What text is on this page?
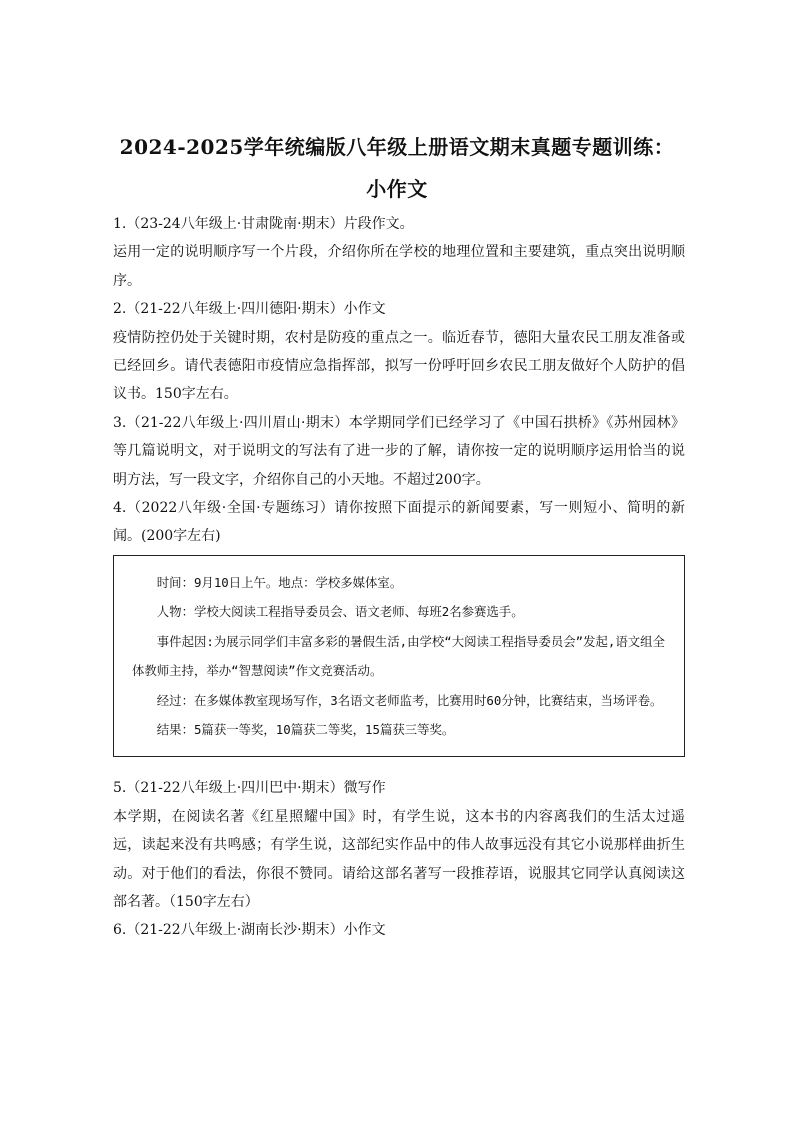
2024-2025学年统编版八年级上册语文期末真题专题训练：小作文

1.（23-24八年级上·甘肃陇南·期末）片段作文。

运用一定的说明顺序写一个片段，介绍你所在学校的地理位置和主要建筑，重点突出说明顺序。

2.（21-22八年级上·四川德阳·期末）小作文

疫情防控仍处于关键时期，农村是防疫的重点之一。临近春节，德阳大量农民工朋友准备或已经回乡。请代表德阳市疫情应急指挥部，拟写一份呼吁回乡农民工朋友做好个人防护的倡议书。150字左右。

3.（21-22八年级上·四川眉山·期末）本学期同学们已经学习了《中国石拱桥》《苏州园林》等几篇说明文，对于说明文的写法有了进一步的了解，请你按一定的说明顺序运用恰当的说明方法，写一段文字，介绍你自己的小天地。不超过200字。

4.（2022八年级·全国·专题练习）请你按照下面提示的新闻要素，写一则短小、简明的新闻。(200字左右)

时间：9月10日上午。地点：学校多媒体室。

人物：学校大阅读工程指导委员会、语文老师、每班2名参赛选手。

事件起因:为展示同学们丰富多彩的暑假生活,由学校“大阅读工程指导委员会”发起,语文组全体教师主持，举办“智慧阅读”作文竞赛活动。

经过：在多媒体教室现场写作，3名语文老师监考，比赛用时60分钟，比赛结束，当场评卷。

结果：5篇获一等奖，10篇获二等奖，15篇获三等奖。

5.（21-22八年级上·四川巴中·期末）微写作

本学期，在阅读名著《红星照耀中国》时，有学生说，这本书的内容离我们的生活太过遥远，读起来没有共鸣感；有学生说，这部纪实作品中的伟人故事远没有其它小说那样曲折生动。对于他们的看法，你很不赞同。请给这部名著写一段推荐语，说服其它同学认真阅读这部名著。（150字左右）

6.（21-22八年级上·湖南长沙·期末）小作文
